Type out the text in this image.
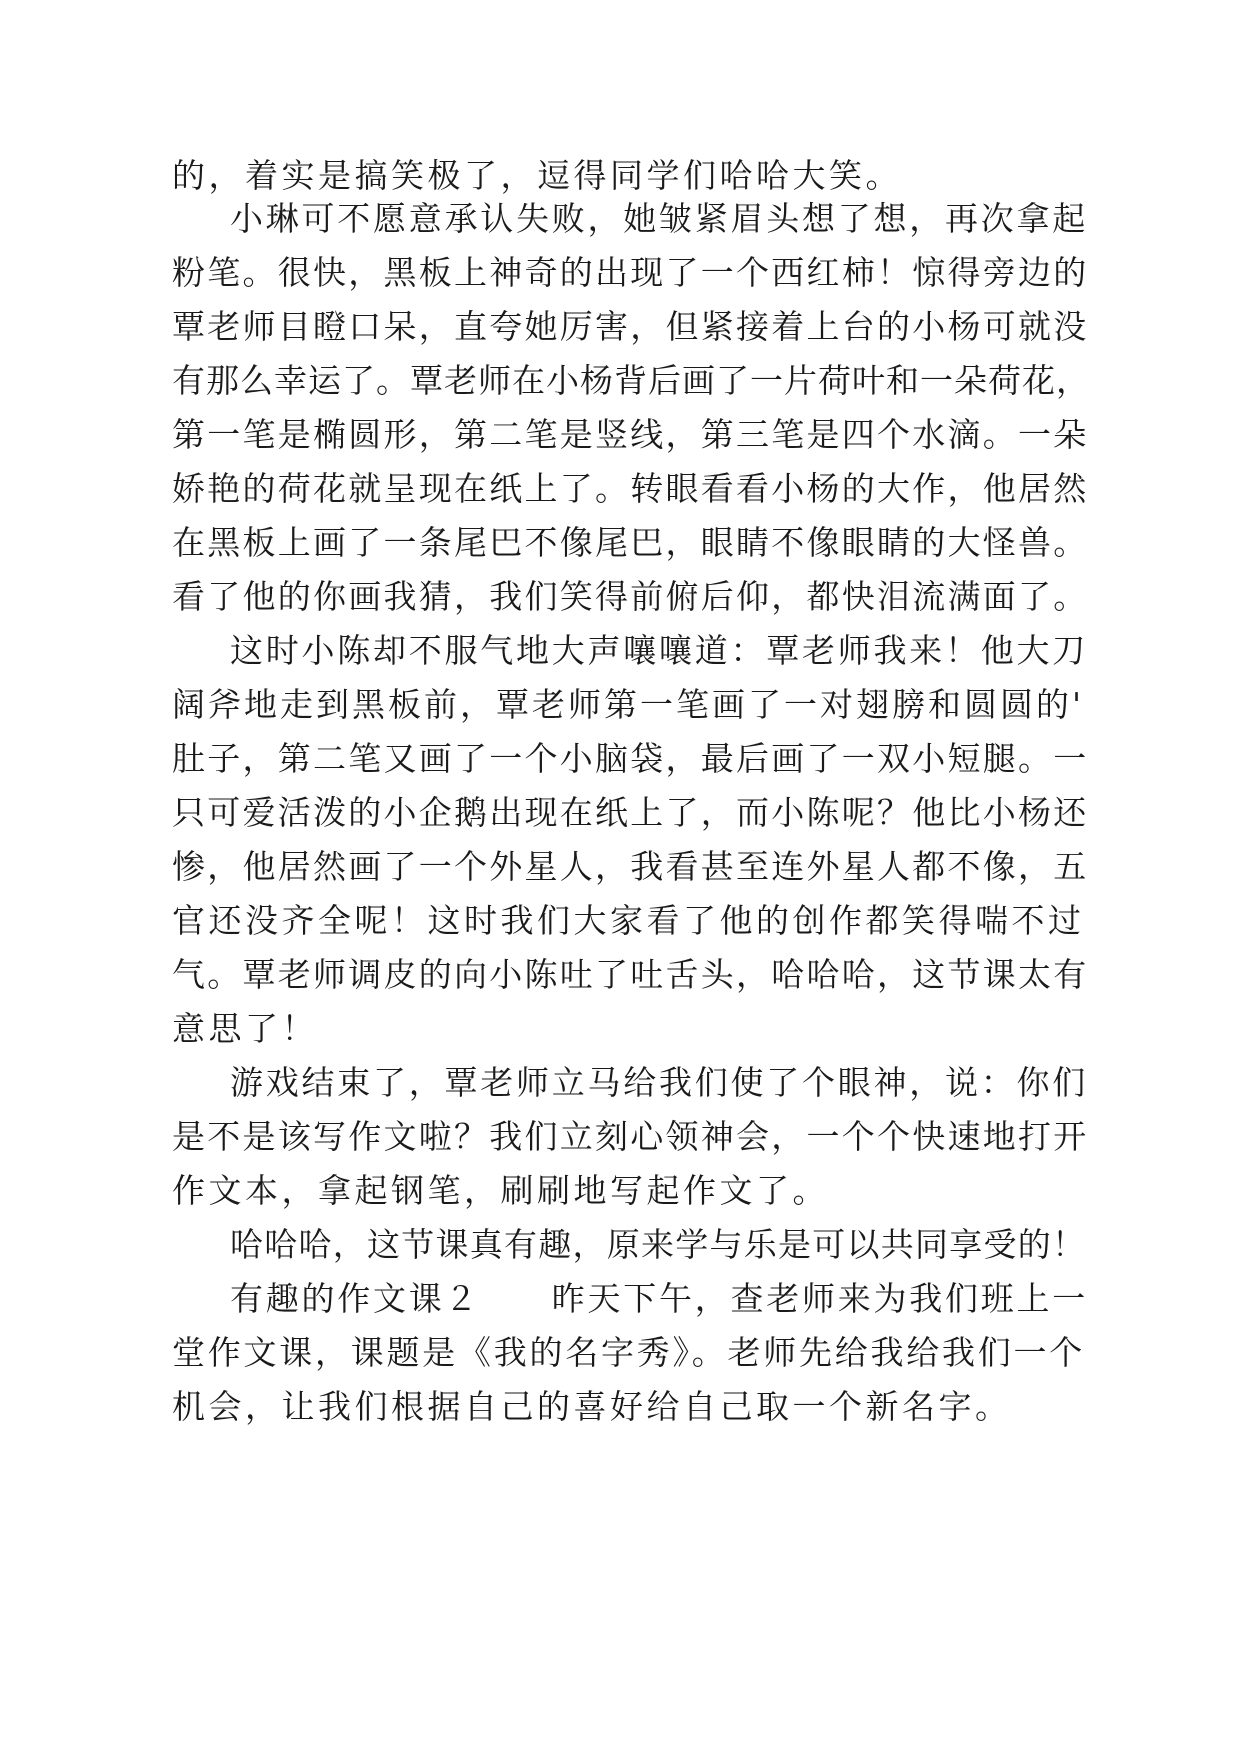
的，着实是搞笑极了，逗得同学们哈哈大笑。
小琳可不愿意承认失败，她皱紧眉头想了想，再次拿起
粉笔。很快，黑板上神奇的出现了一个西红柿！惊得旁边的
覃老师目瞪口呆，直夸她厉害，但紧接着上台的小杨可就没
有那么幸运了。覃老师在小杨背后画了一片荷叶和一朵荷花，
第一笔是椭圆形，第二笔是竖线，第三笔是四个水滴。一朵
娇艳的荷花就呈现在纸上了。转眼看看小杨的大作，他居然
在黑板上画了一条尾巴不像尾巴，眼睛不像眼睛的大怪兽。
看了他的你画我猜，我们笑得前俯后仰，都快泪流满面了。
这时小陈却不服气地大声嚷嚷道：覃老师我来！他大刀
阔斧地走到黑板前，覃老师第一笔画了一对翅膀和圆圆的'
肚子，第二笔又画了一个小脑袋，最后画了一双小短腿。一
只可爱活泼的小企鹅出现在纸上了，而小陈呢？他比小杨还
惨，他居然画了一个外星人，我看甚至连外星人都不像，五
官还没齐全呢！这时我们大家看了他的创作都笑得喘不过
气。覃老师调皮的向小陈吐了吐舌头，哈哈哈，这节课太有
意思了！
游戏结束了，覃老师立马给我们使了个眼神，说：你们
是不是该写作文啦？我们立刻心领神会，一个个快速地打开
作文本，拿起钢笔，刷刷地写起作文了。
哈哈哈，这节课真有趣，原来学与乐是可以共同享受的！
有趣的作文课２　　昨天下午，查老师来为我们班上一
堂作文课，课题是《我的名字秀》。老师先给我给我们一个
机会，让我们根据自己的喜好给自己取一个新名字。
